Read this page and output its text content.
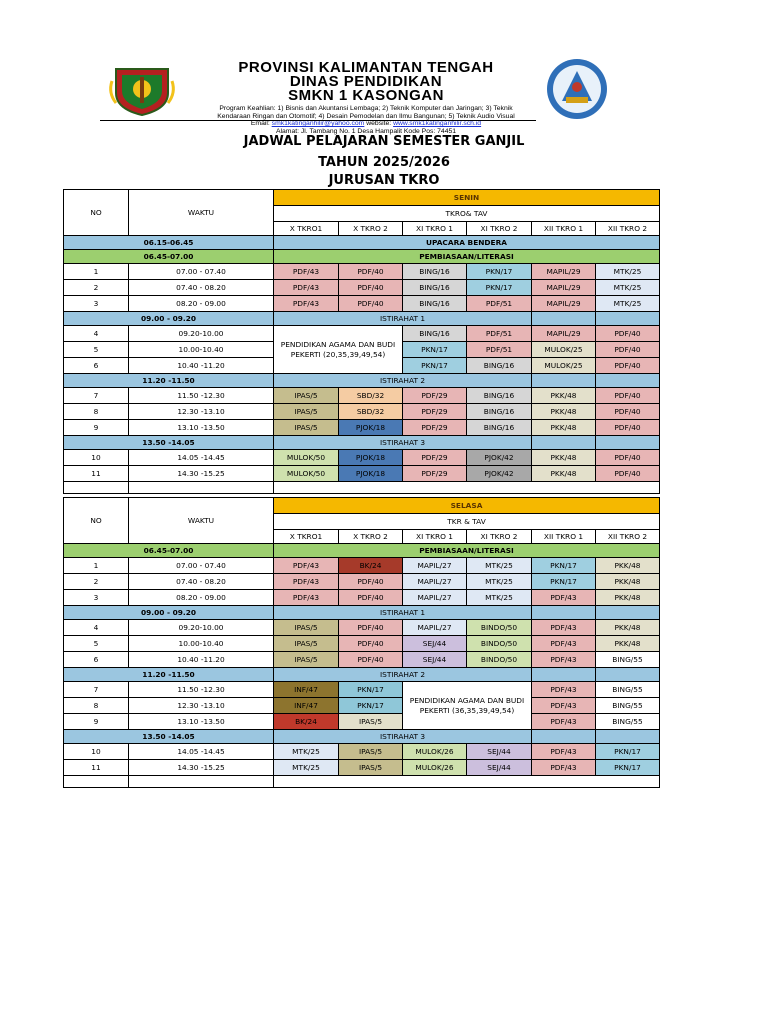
PROVINSI KALIMANTAN TENGAH
DINAS PENDIDIKAN
SMKN 1 KASONGAN
Program Keahlian: 1) Bisnis dan Akuntansi Lembaga; 2) Teknik Komputer dan Jaringan; 3) Teknik
Kendaraan Ringan dan Otomotif; 4) Desain Pemodelan dan Ilmu Bangunan; 5) Teknik Audio Visual
Email: smk1katinganhilir@yahoo.com website: www.smk1katinganhilir.sch.id
Alamat: Jl. Tambang No. 1 Desa Hampalit Kode Pos: 74451
JADWAL PELAJARAN SEMESTER GANJIL
TAHUN 2025/2026
JURUSAN TKRO
NO	WAKTU	SENIN						
		TKRO& TAV						
		X TKRO1	X TKRO 2	XI TKRO 1	XI TKRO 2	XII TKRO 1	XII TKRO 2	
06.15-06.45		UPACARA BENDERA						
06.45-07.00		PEMBIASAAN/LITERASI						
1	07.00 - 07.40	PDF/43	PDF/40	BING/16	PKN/17	MAPIL/29	MTK/25	
2	07.40 - 08.20	PDF/43	PDF/40	BING/16	PKN/17	MAPIL/29	MTK/25	
3	08.20 - 09.00	PDF/43	PDF/40	BING/16	PDF/51	MAPIL/29	MTK/25	
09.00 - 09.20		ISTIRAHAT 1						
4	09.20-10.00	PENDIDIKAN AGAMA DAN BUDI PEKERTI (20,35,39,49,54)		BING/16	PDF/51	MAPIL/29	PDF/40	
5	10.00-10.40			PKN/17	PDF/51	MULOK/25	PDF/40	
6	10.40 -11.20			PKN/17	BING/16	MULOK/25	PDF/40	
11.20 -11.50		ISTIRAHAT 2						
7	11.50 -12.30	IPAS/5	SBD/32	PDF/29	BING/16	PKK/48	PDF/40	
8	12.30 -13.10	IPAS/5	SBD/32	PDF/29	BING/16	PKK/48	PDF/40	
9	13.10 -13.50	IPAS/5	PJOK/18	PDF/29	BING/16	PKK/48	PDF/40	
13.50 -14.05		ISTIRAHAT 3						
10	14.05 -14.45	MULOK/50	PJOK/18	PDF/29	PJOK/42	PKK/48	PDF/40	
11	14.30 -15.25	MULOK/50	PJOK/18	PDF/29	PJOK/42	PKK/48	PDF/40	

NO	WAKTU	SELASA						
		TKR & TAV						
		X TKRO1	X TKRO 2	XI TKRO 1	XI TKRO 2	XII TKRO 1	XII TKRO 2	
06.45-07.00		PEMBIASAAN/LITERASI						
1	07.00 - 07.40	PDF/43	BK/24	MAPIL/27	MTK/25	PKN/17	PKK/48	
2	07.40 - 08.20	PDF/43	PDF/40	MAPIL/27	MTK/25	PKN/17	PKK/48	
3	08.20 - 09.00	PDF/43	PDF/40	MAPIL/27	MTK/25	PDF/43	PKK/48	
09.00 - 09.20		ISTIRAHAT 1						
4	09.20-10.00	IPAS/5	PDF/40	MAPIL/27	BINDO/50	PDF/43	PKK/48	
5	10.00-10.40	IPAS/5	PDF/40	SEJ/44	BINDO/50	PDF/43	PKK/48	
6	10.40 -11.20	IPAS/5	PDF/40	SEJ/44	BINDO/50	PDF/43	BING/55	
11.20 -11.50		ISTIRAHAT 2						
7	11.50 -12.30	INF/47	PKN/17	PENDIDIKAN AGAMA DAN BUDI PEKERTI (36,35,39,49,54)		PDF/43	BING/55	
8	12.30 -13.10	INF/47	PKN/17			PDF/43	BING/55	
9	13.10 -13.50	BK/24	IPAS/5			PDF/43	BING/55	
13.50 -14.05		ISTIRAHAT 3						
10	14.05 -14.45	MTK/25	IPAS/5	MULOK/26	SEJ/44	PDF/43	PKN/17	
11	14.30 -15.25	MTK/25	IPAS/5	MULOK/26	SEJ/44	PDF/43	PKN/17	
